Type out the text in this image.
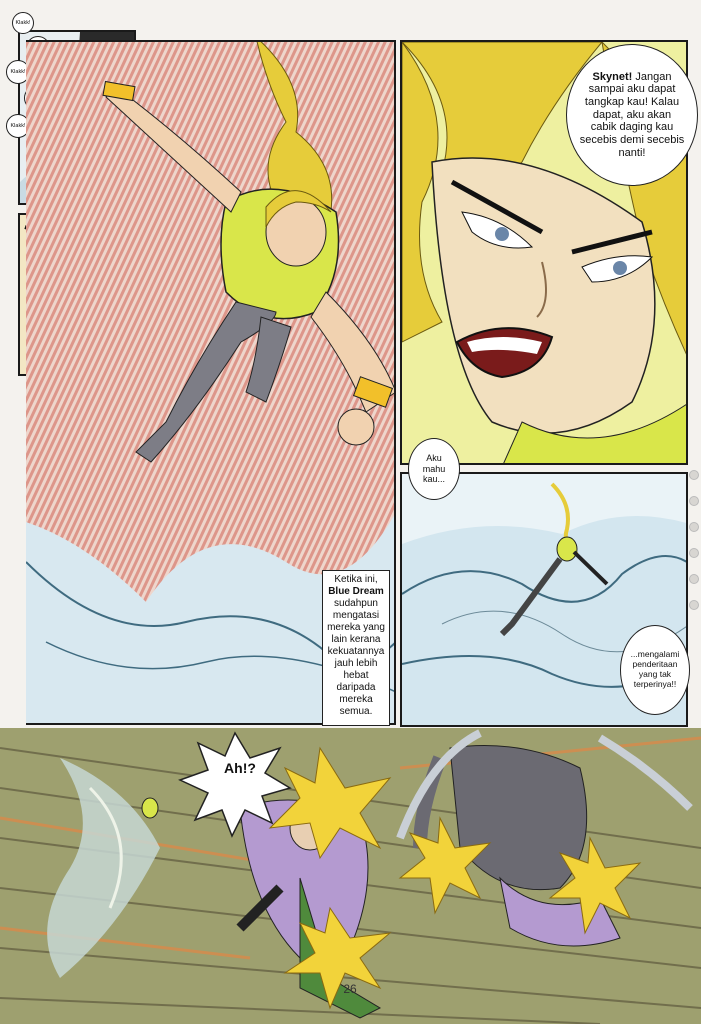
Klakk!
Klakk!
Klakk!
Ketika ini,
Blue Dream
sudahpun mengatasi mereka yang lain kerana kekuatannya jauh lebih hebat daripada mereka semua.
Skynet! Jangan sampai aku dapat tangkap kau! Kalau dapat, aku akan cabik daging kau secebis demi secebis nanti!
Aku mahu kau...
...mengalami penderitaan yang tak terperinya!!
Ah!?
26
